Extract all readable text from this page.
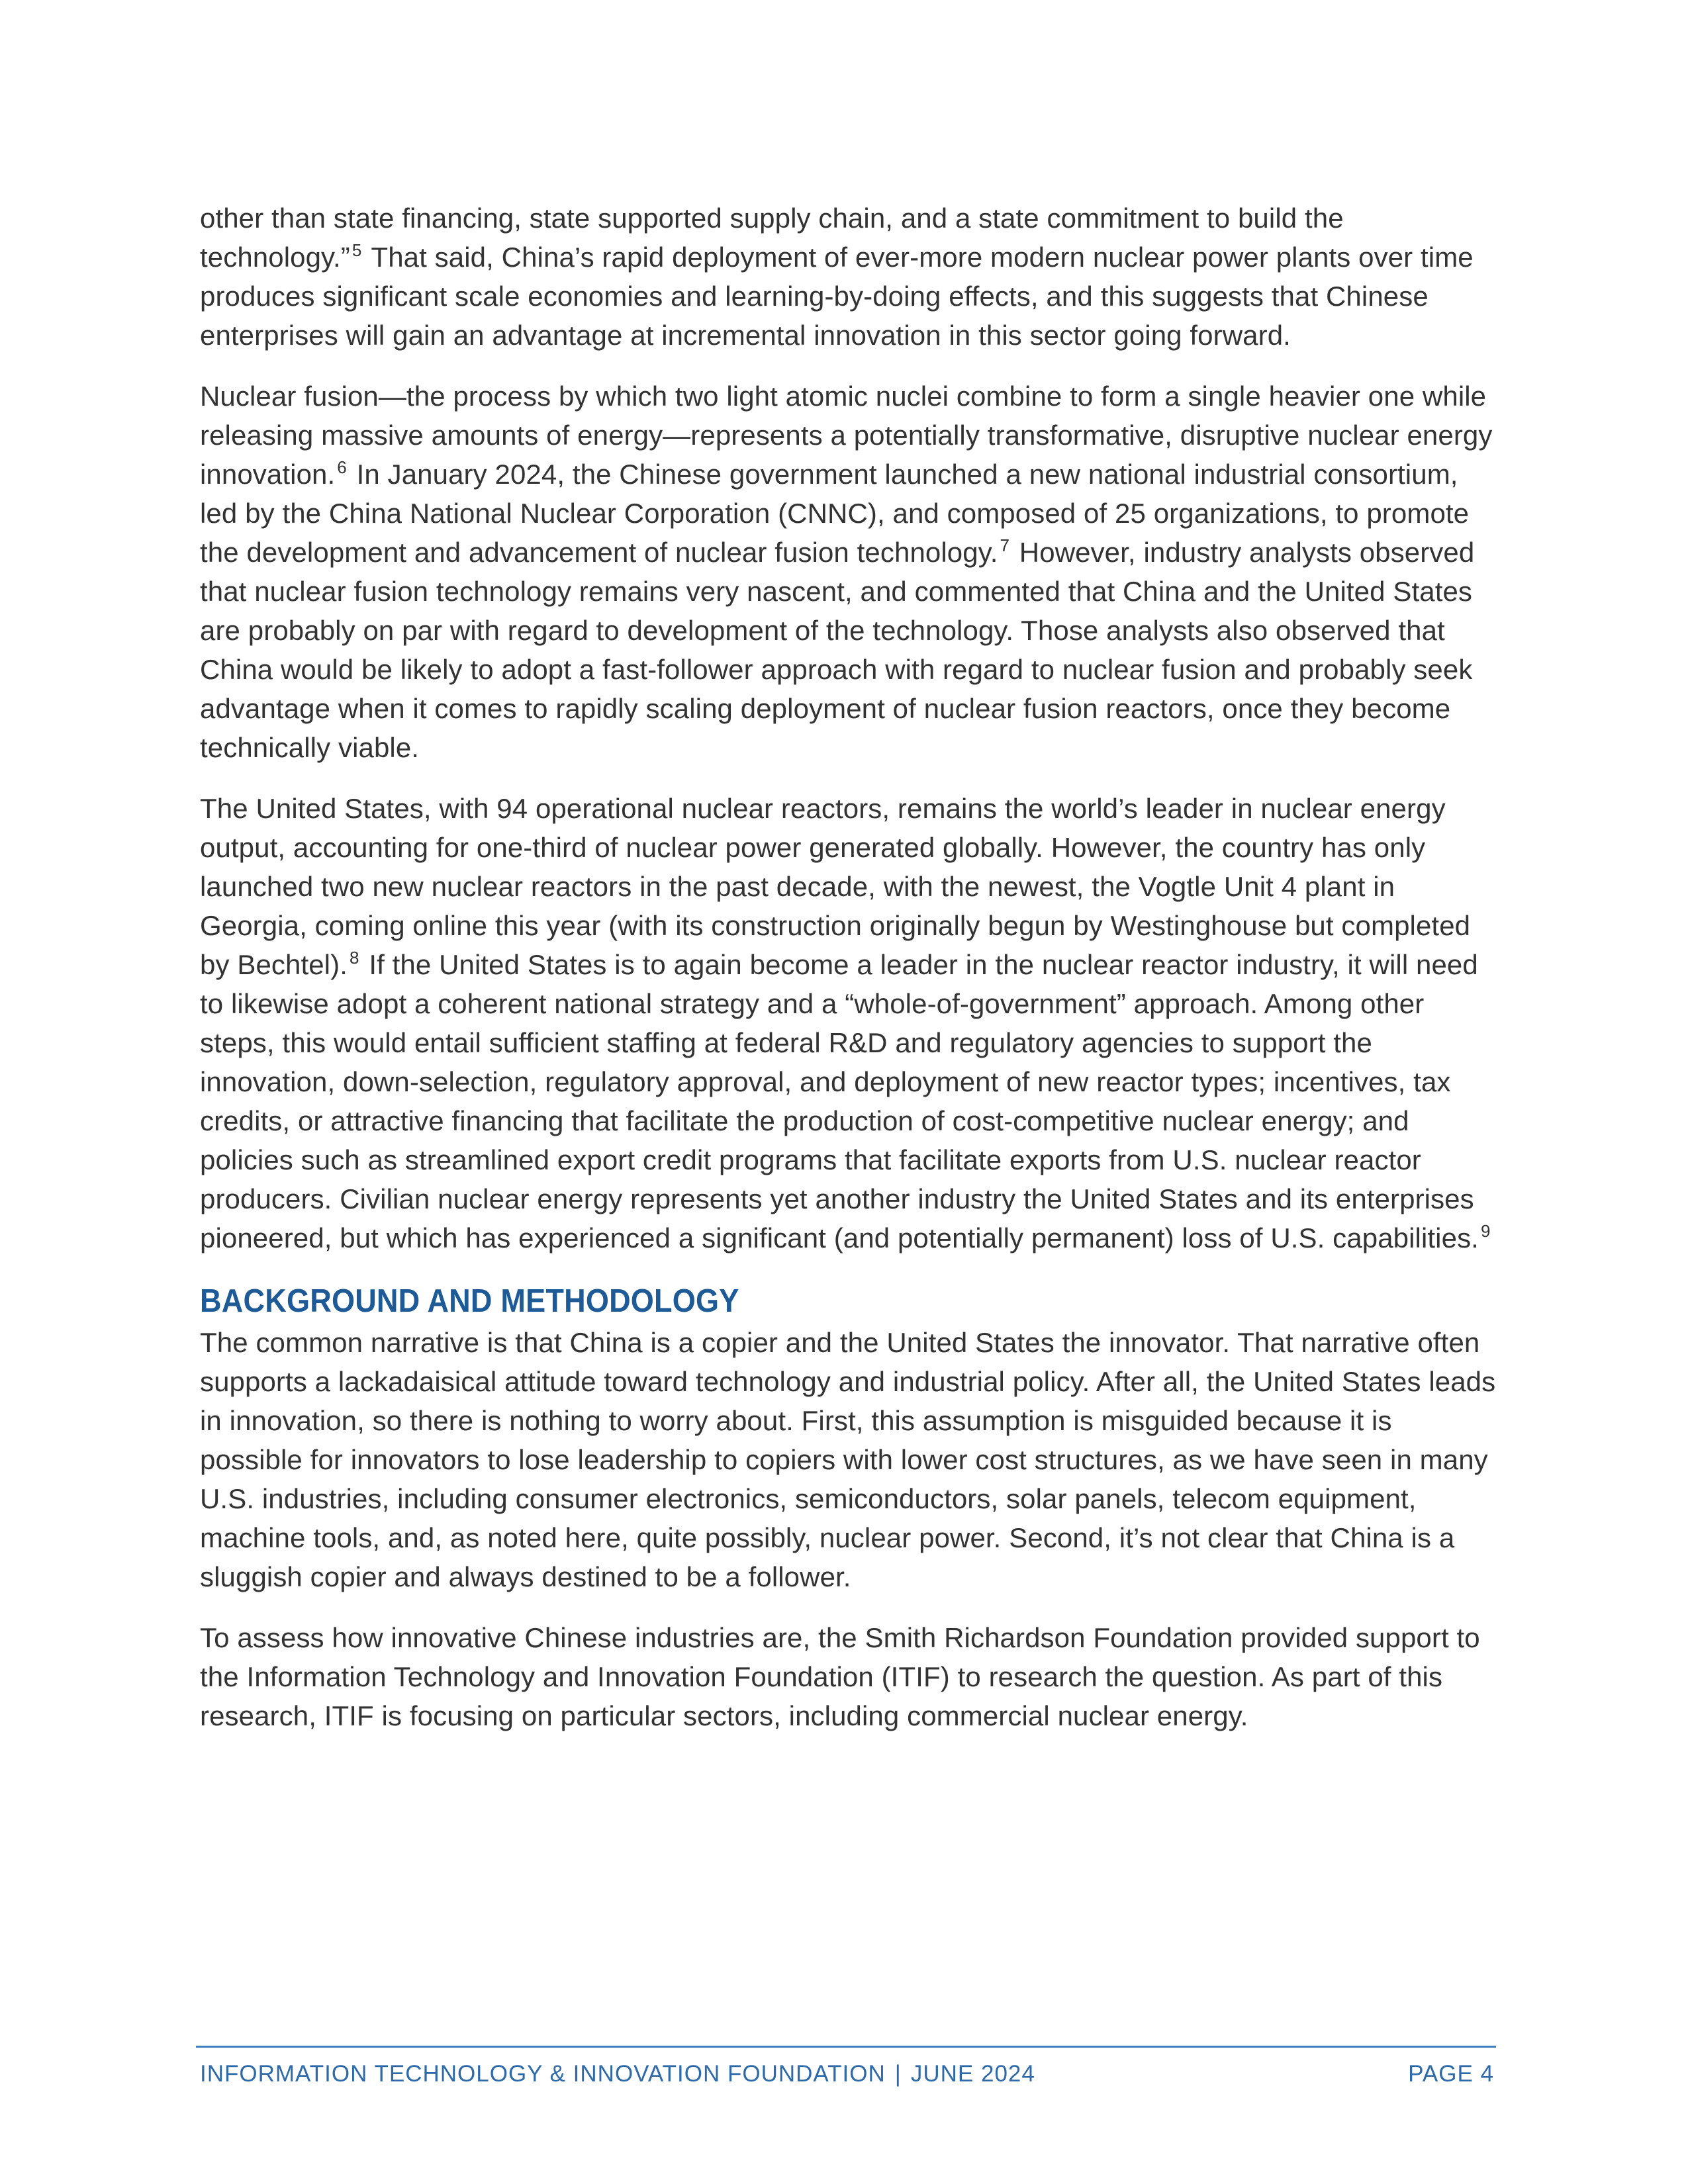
other than state financing, state supported supply chain, and a state commitment to build the technology.” $^5$ That said, China’s rapid deployment of ever-more modern nuclear power plants over time produces significant scale economies and learning-by-doing effects, and this suggests that Chinese enterprises will gain an advantage at incremental innovation in this sector going forward.

Nuclear fusion—the process by which two light atomic nuclei combine to form a single heavier one while releasing massive amounts of energy—represents a potentially transformative, disruptive nuclear energy innovation. $^6$ In January 2024, the Chinese government launched a new national industrial consortium, led by the China National Nuclear Corporation (CNNC), and composed of 25 organizations, to promote the development and advancement of nuclear fusion technology. $^7$ However, industry analysts observed that nuclear fusion technology remains very nascent, and commented that China and the United States are probably on par with regard to development of the technology. Those analysts also observed that China would be likely to adopt a fast-follower approach with regard to nuclear fusion and probably seek advantage when it comes to rapidly scaling deployment of nuclear fusion reactors, once they become technically viable.

The United States, with 94 operational nuclear reactors, remains the world’s leader in nuclear energy output, accounting for one-third of nuclear power generated globally. However, the country has only launched two new nuclear reactors in the past decade, with the newest, the Vogtle Unit 4 plant in Georgia, coming online this year (with its construction originally begun by Westinghouse but completed by Bechtel). $^8$ If the United States is to again become a leader in the nuclear reactor industry, it will need to likewise adopt a coherent national strategy and a “whole-of-government” approach. Among other steps, this would entail sufficient staffing at federal R&D and regulatory agencies to support the innovation, down-selection, regulatory approval, and deployment of new reactor types; incentives, tax credits, or attractive financing that facilitate the production of cost-competitive nuclear energy; and policies such as streamlined export credit programs that facilitate exports from U.S. nuclear reactor producers. Civilian nuclear energy represents yet another industry the United States and its enterprises pioneered, but which has experienced a significant (and potentially permanent) loss of U.S. capabilities. $^9$

BACKGROUND AND METHODOLOGY

The common narrative is that China is a copier and the United States the innovator. That narrative often supports a lackadaisical attitude toward technology and industrial policy. After all, the United States leads in innovation, so there is nothing to worry about. First, this assumption is misguided because it is possible for innovators to lose leadership to copiers with lower cost structures, as we have seen in many U.S. industries, including consumer electronics, semiconductors, solar panels, telecom equipment, machine tools, and, as noted here, quite possibly, nuclear power. Second, it’s not clear that China is a sluggish copier and always destined to be a follower.

To assess how innovative Chinese industries are, the Smith Richardson Foundation provided support to the Information Technology and Innovation Foundation (ITIF) to research the question. As part of this research, ITIF is focusing on particular sectors, including commercial nuclear energy.

INFORMATION TECHNOLOGY & INNOVATION FOUNDATION | JUNE 2024	PAGE 4
